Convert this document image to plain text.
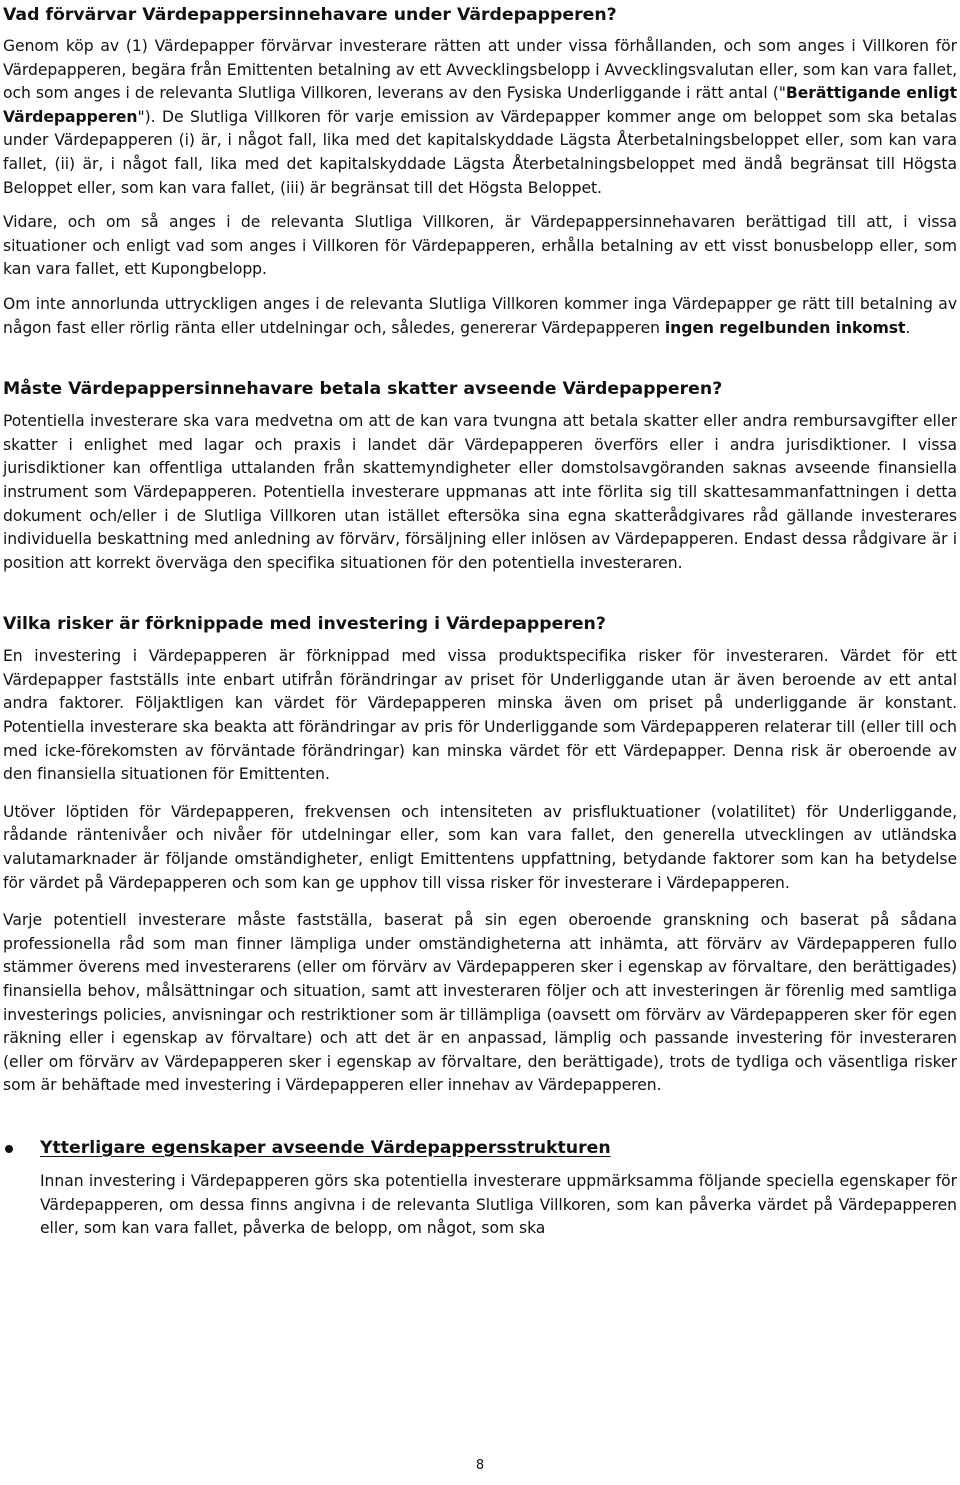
Vad förvärvar Värdepappersinnehavare under Värdepapperen?

Genom köp av (1) Värdepapper förvärvar investerare rätten att under vissa förhållanden, och som anges i Villkoren för Värdepapperen, begära från Emittenten betalning av ett Avvecklingsbelopp i Avvecklingsvalutan eller, som kan vara fallet, och som anges i de relevanta Slutliga Villkoren, leverans av den Fysiska Underliggande i rätt antal ("Berättigande enligt Värdepapperen"). De Slutliga Villkoren för varje emission av Värdepapper kommer ange om beloppet som ska betalas under Värdepapperen (i) är, i något fall, lika med det kapitalskyddade Lägsta Återbetalningsbeloppet eller, som kan vara fallet, (ii) är, i något fall, lika med det kapitalskyddade Lägsta Återbetalningsbeloppet med ändå begränsat till Högsta Beloppet eller, som kan vara fallet, (iii) är begränsat till det Högsta Beloppet.

Vidare, och om så anges i de relevanta Slutliga Villkoren, är Värdepappersinnehavaren berättigad till att, i vissa situationer och enligt vad som anges i Villkoren för Värdepapperen, erhålla betalning av ett visst bonusbelopp eller, som kan vara fallet, ett Kupongbelopp.

Om inte annorlunda uttryckligen anges i de relevanta Slutliga Villkoren kommer inga Värdepapper ge rätt till betalning av någon fast eller rörlig ränta eller utdelningar och, således, genererar Värdepapperen ingen regelbunden inkomst.

Måste Värdepappersinnehavare betala skatter avseende Värdepapperen?

Potentiella investerare ska vara medvetna om att de kan vara tvungna att betala skatter eller andra rembursavgifter eller skatter i enlighet med lagar och praxis i landet där Värdepapperen överförs eller i andra jurisdiktioner. I vissa jurisdiktioner kan offentliga uttalanden från skattemyndigheter eller domstolsavgöranden saknas avseende finansiella instrument som Värdepapperen. Potentiella investerare uppmanas att inte förlita sig till skattesammanfattningen i detta dokument och/eller i de Slutliga Villkoren utan istället eftersöka sina egna skatterådgivares råd gällande investerares individuella beskattning med anledning av förvärv, försäljning eller inlösen av Värdepapperen. Endast dessa rådgivare är i position att korrekt överväga den specifika situationen för den potentiella investeraren.

Vilka risker är förknippade med investering i Värdepapperen?

En investering i Värdepapperen är förknippad med vissa produktspecifika risker för investeraren. Värdet för ett Värdepapper fastställs inte enbart utifrån förändringar av priset för Underliggande utan är även beroende av ett antal andra faktorer. Följaktligen kan värdet för Värdepapperen minska även om priset på underliggande är konstant. Potentiella investerare ska beakta att förändringar av pris för Underliggande som Värdepapperen relaterar till (eller till och med icke-förekomsten av förväntade förändringar) kan minska värdet för ett Värdepapper. Denna risk är oberoende av den finansiella situationen för Emittenten.

Utöver löptiden för Värdepapperen, frekvensen och intensiteten av prisfluktuationer (volatilitet) för Underliggande, rådande räntenivåer och nivåer för utdelningar eller, som kan vara fallet, den generella utvecklingen av utländska valutamarknader är följande omständigheter, enligt Emittentens uppfattning, betydande faktorer som kan ha betydelse för värdet på Värdepapperen och som kan ge upphov till vissa risker för investerare i Värdepapperen.

Varje potentiell investerare måste fastställa, baserat på sin egen oberoende granskning och baserat på sådana professionella råd som man finner lämpliga under omständigheterna att inhämta, att förvärv av Värdepapperen fullo stämmer överens med investerarens (eller om förvärv av Värdepapperen sker i egenskap av förvaltare, den berättigades) finansiella behov, målsättningar och situation, samt att investeraren följer och att investeringen är förenlig med samtliga investerings policies, anvisningar och restriktioner som är tillämpliga (oavsett om förvärv av Värdepapperen sker för egen räkning eller i egenskap av förvaltare) och att det är en anpassad, lämplig och passande investering för investeraren (eller om förvärv av Värdepapperen sker i egenskap av förvaltare, den berättigade), trots de tydliga och väsentliga risker som är behäftade med investering i Värdepapperen eller innehav av Värdepapperen.

Ytterligare egenskaper avseende Värdepappersstrukturen

Innan investering i Värdepapperen görs ska potentiella investerare uppmärksamma följande speciella egenskaper för Värdepapperen, om dessa finns angivna i de relevanta Slutliga Villkoren, som kan påverka värdet på Värdepapperen eller, som kan vara fallet, påverka de belopp, om något, som ska

8
